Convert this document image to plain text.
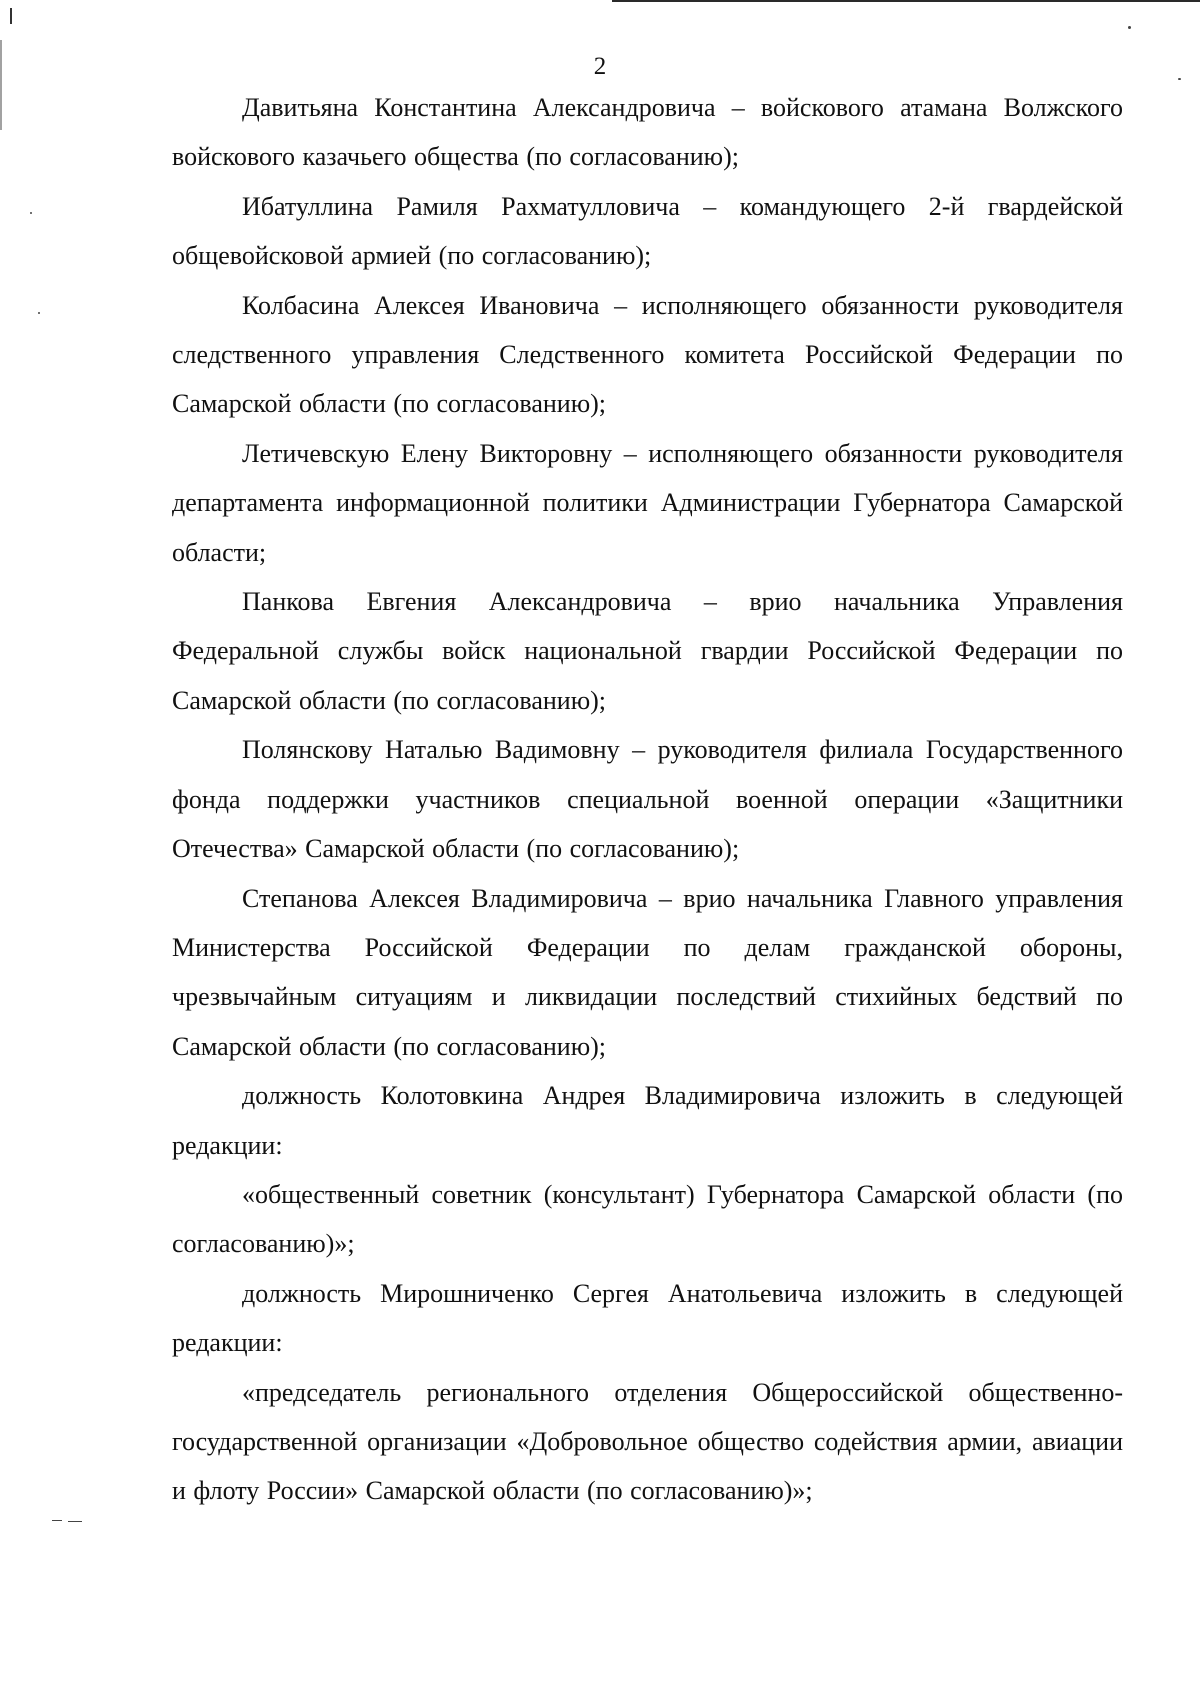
2

Давитьяна Константина Александровича – войскового атамана Волжского войскового казачьего общества (по согласованию);

Ибатуллина Рамиля Рахматулловича – командующего 2-й гвардейской общевойсковой армией (по согласованию);

Колбасина Алексея Ивановича – исполняющего обязанности руководителя следственного управления Следственного комитета Российской Федерации по Самарской области (по согласованию);

Летичевскую Елену Викторовну – исполняющего обязанности руководителя департамента информационной политики Администрации Губернатора Самарской области;

Панкова Евгения Александровича – врио начальника Управления Федеральной службы войск национальной гвардии Российской Федерации по Самарской области (по согласованию);

Полянскову Наталью Вадимовну – руководителя филиала Государственного фонда поддержки участников специальной военной операции «Защитники Отечества» Самарской области (по согласованию);

Степанова Алексея Владимировича – врио начальника Главного управления Министерства Российской Федерации по делам гражданской обороны, чрезвычайным ситуациям и ликвидации последствий стихийных бедствий по Самарской области (по согласованию);

должность Колотовкина Андрея Владимировича изложить в следующей редакции:

«общественный советник (консультант) Губернатора Самарской области (по согласованию)»;

должность Мирошниченко Сергея Анатольевича изложить в следующей редакции:

«председатель регионального отделения Общероссийской общественно-государственной организации «Добровольное общество содействия армии, авиации и флоту России» Самарской области (по согласованию)»;
